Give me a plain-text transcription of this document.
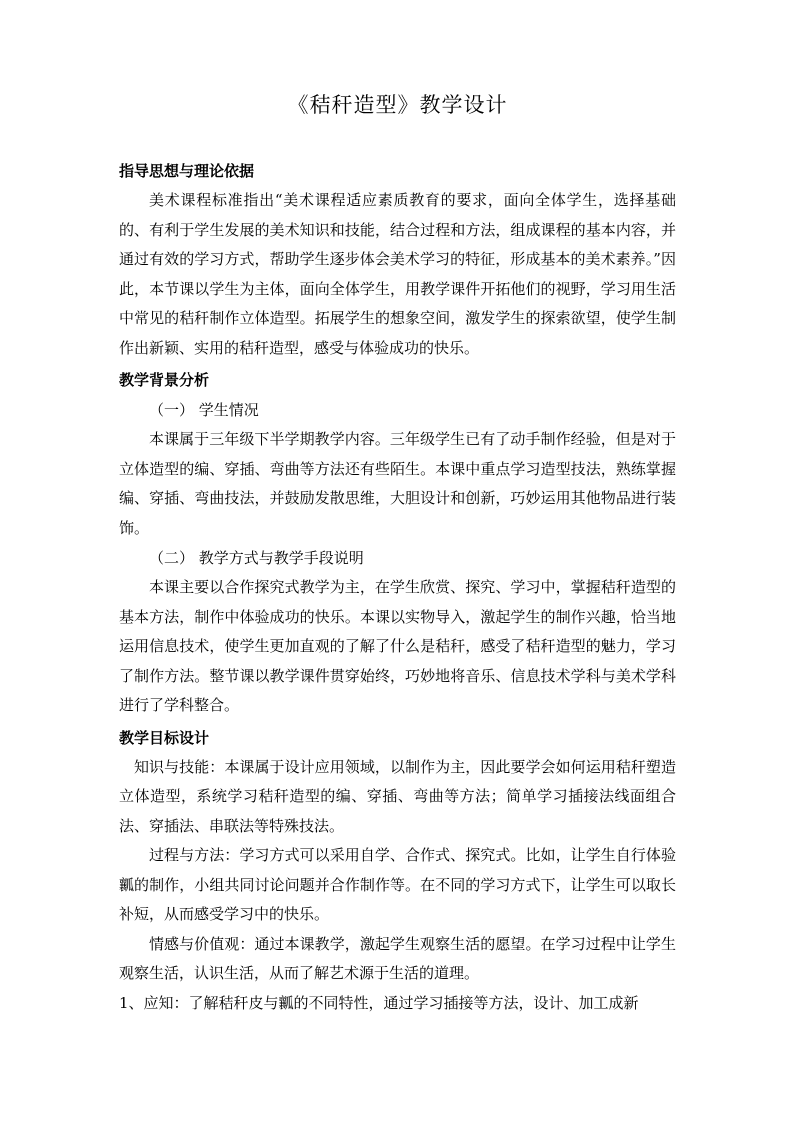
《秸秆造型》教学设计

指导思想与理论依据

美术课程标准指出“美术课程适应素质教育的要求，面向全体学生，选择基础的、有利于学生发展的美术知识和技能，结合过程和方法，组成课程的基本内容，并通过有效的学习方式，帮助学生逐步体会美术学习的特征，形成基本的美术素养。”因此，本节课以学生为主体，面向全体学生，用教学课件开拓他们的视野，学习用生活中常见的秸秆制作立体造型。拓展学生的想象空间，激发学生的探索欲望，使学生制作出新颖、实用的秸秆造型，感受与体验成功的快乐。

教学背景分析

（一） 学生情况

本课属于三年级下半学期教学内容。三年级学生已有了动手制作经验，但是对于立体造型的编、穿插、弯曲等方法还有些陌生。本课中重点学习造型技法，熟练掌握编、穿插、弯曲技法，并鼓励发散思维，大胆设计和创新，巧妙运用其他物品进行装饰。

（二） 教学方式与教学手段说明

本课主要以合作探究式教学为主，在学生欣赏、探究、学习中，掌握秸秆造型的基本方法，制作中体验成功的快乐。本课以实物导入，激起学生的制作兴趣，恰当地运用信息技术，使学生更加直观的了解了什么是秸秆，感受了秸秆造型的魅力，学习了制作方法。整节课以教学课件贯穿始终，巧妙地将音乐、信息技术学科与美术学科进行了学科整合。

教学目标设计

知识与技能：本课属于设计应用领域，以制作为主，因此要学会如何运用秸秆塑造立体造型，系统学习秸秆造型的编、穿插、弯曲等方法；简单学习插接法线面组合法、穿插法、串联法等特殊技法。

过程与方法：学习方式可以采用自学、合作式、探究式。比如，让学生自行体验瓤的制作，小组共同讨论问题并合作制作等。在不同的学习方式下，让学生可以取长补短，从而感受学习中的快乐。

情感与价值观：通过本课教学，激起学生观察生活的愿望。在学习过程中让学生观察生活，认识生活，从而了解艺术源于生活的道理。

1、应知：了解秸秆皮与瓤的不同特性，通过学习插接等方法，设计、加工成新
